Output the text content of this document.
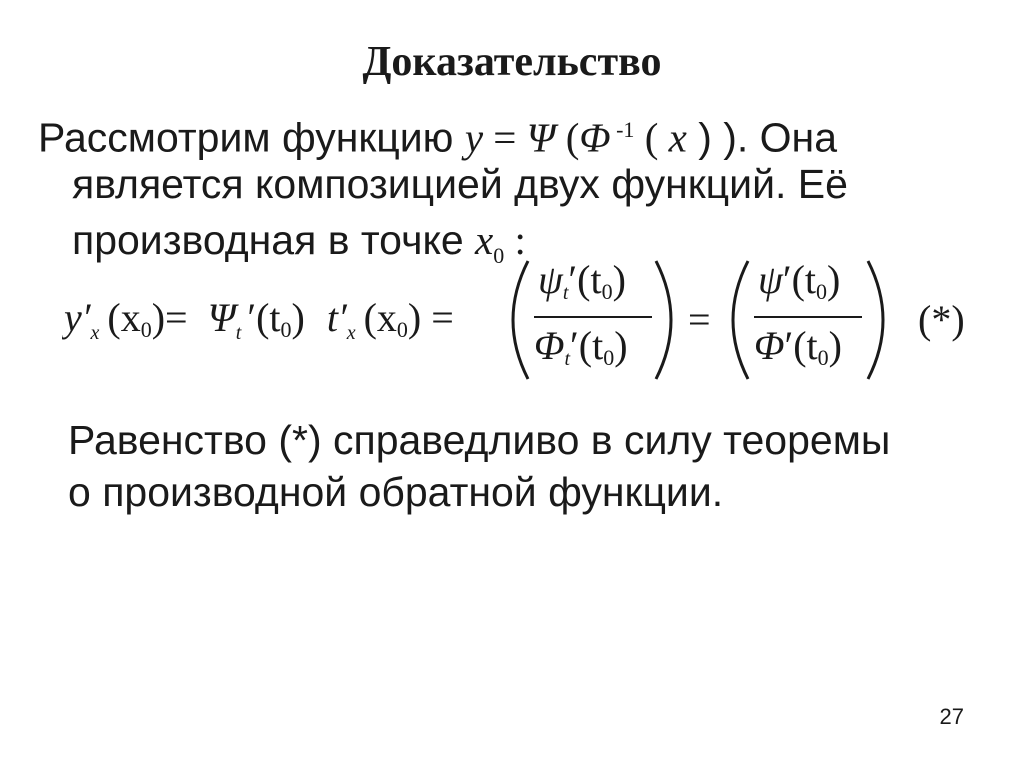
Доказательство
Рассмотрим функцию y = Ψ (Φ $^{-1}$ ( x ) ). Она
является композицией двух функций. Её
производная в точке $x_0$ :
$y'_x$ $(x0)= \Psi_t$ ′(t0) $t'_x$ (x0) =
ψt′(t0)
Φt′(t0)
=
ψ′(t0)
Φ′(t0)
(*)
Равенство (*) справедливо в силу теоремы
о производной обратной функции.
27
